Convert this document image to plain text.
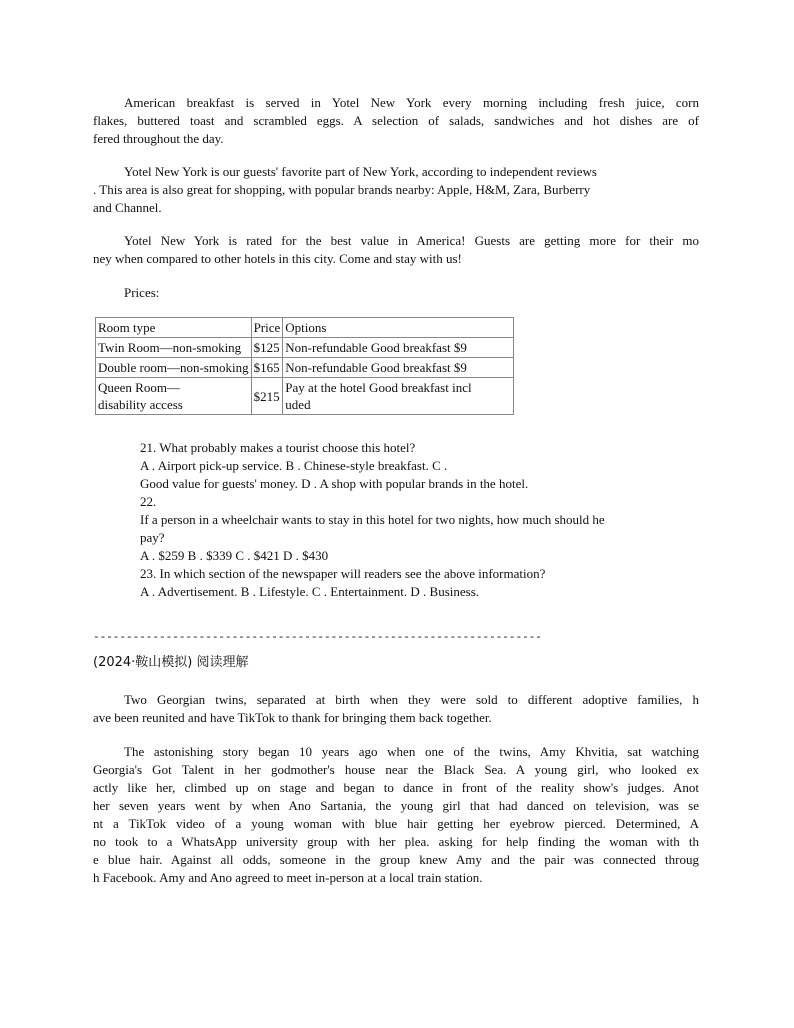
American breakfast is served in Yotel New York every morning including fresh juice, corn
flakes, buttered toast and scrambled eggs. A selection of salads, sandwiches and hot dishes are of
fered throughout the day.
Yotel New York is our guests' favorite part of New York, according to independent reviews
. This area is also great for shopping, with popular brands nearby: Apple, H&M, Zara, Burberry
and Channel.
Yotel New York is rated for the best value in America! Guests are getting more for their mo
ney when compared to other hotels in this city. Come and stay with us!
Prices:
Room type	Price	Options
Twin Room—non-smoking	$125	Non-refundable Good breakfast $9
Double room—non-smoking	$165	Non-refundable Good breakfast $9

Queen Room—
disability access	$215	Pay at the hotel Good breakfast incl
uded
21. What probably makes a tourist choose this hotel?
A . Airport pick-up service. B . Chinese-style breakfast. C .
Good value for guests' money. D . A shop with popular brands in the hotel.
22.
If a person in a wheelchair wants to stay in this hotel for two nights, how much should he
pay?
A . $259 B . $339 C . $421 D . $430
23. In which section of the newspaper will readers see the above information?
A . Advertisement. B . Lifestyle. C . Entertainment. D . Business.
--------------------------------------------------------------------
(2024·鞍山模拟) 阅读理解
Two Georgian twins, separated at birth when they were sold to different adoptive families, h
ave been reunited and have TikTok to thank for bringing them back together.
The astonishing story began 10 years ago when one of the twins, Amy Khvitia, sat watching
Georgia's Got Talent in her godmother's house near the Black Sea. A young girl, who looked ex
actly like her, climbed up on stage and began to dance in front of the reality show's judges. Anot
her seven years went by when Ano Sartania, the young girl that had danced on television, was se
nt a TikTok video of a young woman with blue hair getting her eyebrow pierced. Determined, A
no took to a WhatsApp university group with her plea. asking for help finding the woman with th
e blue hair. Against all odds, someone in the group knew Amy and the pair was connected throug
h Facebook. Amy and Ano agreed to meet in-person at a local train station.
